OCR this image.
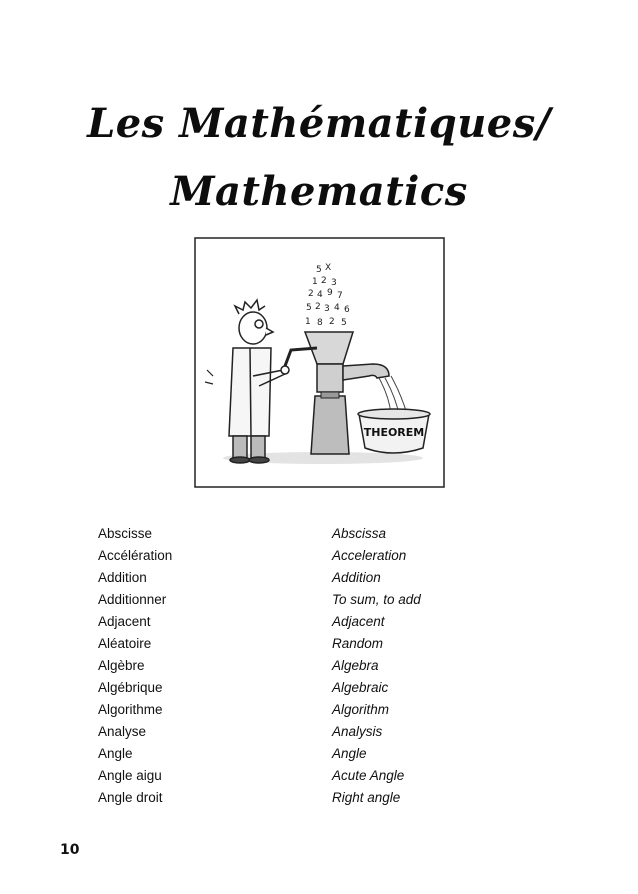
Les Mathématiques/
Mathematics
5 X
1 2 3
2 4 9 7
5 2 3 4 6
1 8 2 5
THEOREM
Abscisse	Abscissa
Accélération	Acceleration
Addition	Addition
Additionner	To sum, to add
Adjacent	Adjacent
Aléatoire	Random
Algèbre	Algebra
Algébrique	Algebraic
Algorithme	Algorithm
Analyse	Analysis
Angle	Angle
Angle aigu	Acute Angle
Angle droit	Right angle
10
